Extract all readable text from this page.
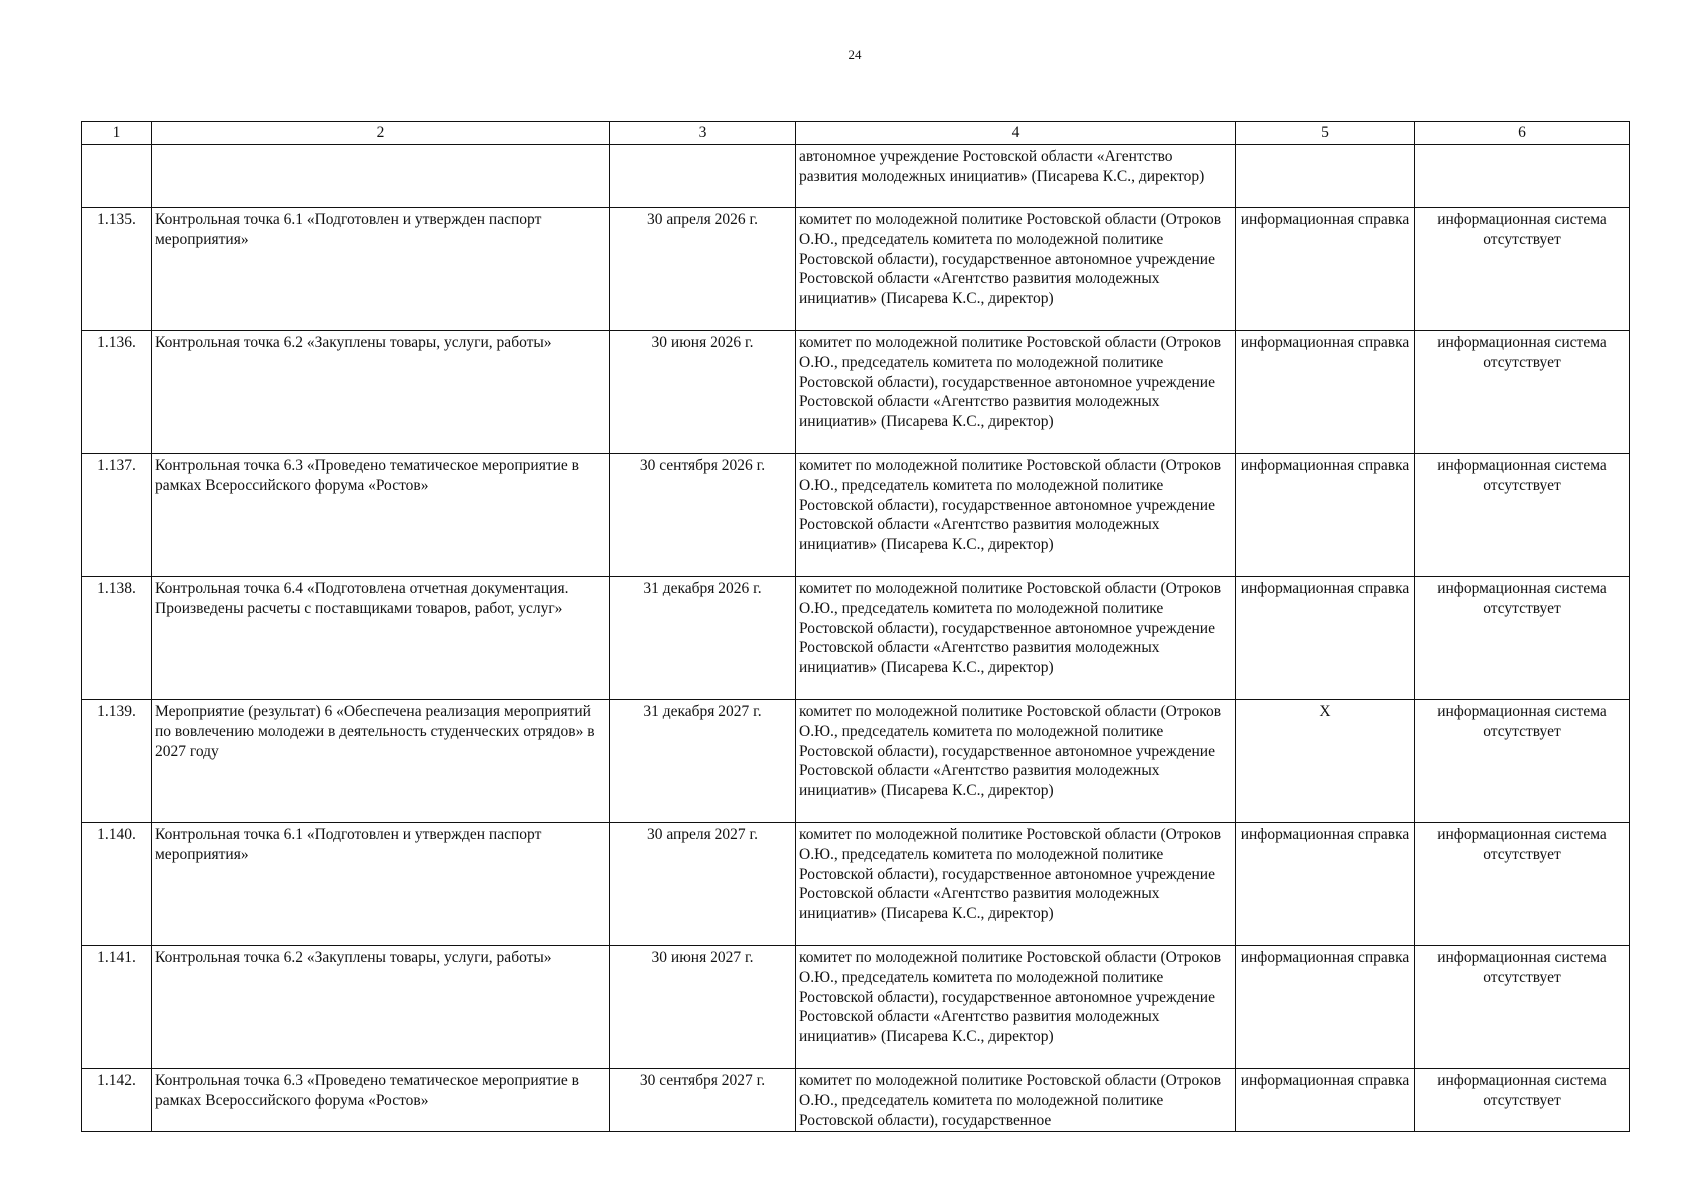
24
1	2	3	4	5	6
			автономное учреждение Ростовской области «Агентство развития молодежных инициатив» (Писарева К.С., директор)		
1.135.	Контрольная точка 6.1 «Подготовлен и утвержден паспорт мероприятия»	30 апреля 2026 г.	комитет по молодежной политике Ростовской области (Отроков О.Ю., председатель комитета по молодежной политике Ростовской области), государственное автономное учреждение Ростовской области «Агентство развития молодежных инициатив» (Писарева К.С., директор)	информационная справка	информационная система отсутствует
1.136.	Контрольная точка 6.2 «Закуплены товары, услуги, работы»	30 июня 2026 г.	комитет по молодежной политике Ростовской области (Отроков О.Ю., председатель комитета по молодежной политике Ростовской области), государственное автономное учреждение Ростовской области «Агентство развития молодежных инициатив» (Писарева К.С., директор)	информационная справка	информационная система отсутствует
1.137.	Контрольная точка 6.3 «Проведено тематическое мероприятие в рамках Всероссийского форума «Ростов»	30 сентября 2026 г.	комитет по молодежной политике Ростовской области (Отроков О.Ю., председатель комитета по молодежной политике Ростовской области), государственное автономное учреждение Ростовской области «Агентство развития молодежных инициатив» (Писарева К.С., директор)	информационная справка	информационная система отсутствует
1.138.	Контрольная точка 6.4 «Подготовлена отчетная документация. Произведены расчеты с поставщиками товаров, работ, услуг»	31 декабря 2026 г.	комитет по молодежной политике Ростовской области (Отроков О.Ю., председатель комитета по молодежной политике Ростовской области), государственное автономное учреждение Ростовской области «Агентство развития молодежных инициатив» (Писарева К.С., директор)	информационная справка	информационная система отсутствует
1.139.	Мероприятие (результат) 6 «Обеспечена реализация мероприятий по вовлечению молодежи в деятельность студенческих отрядов» в 2027 году	31 декабря 2027 г.	комитет по молодежной политике Ростовской области (Отроков О.Ю., председатель комитета по молодежной политике Ростовской области), государственное автономное учреждение Ростовской области «Агентство развития молодежных инициатив» (Писарева К.С., директор)	X	информационная система отсутствует
1.140.	Контрольная точка 6.1 «Подготовлен и утвержден паспорт мероприятия»	30 апреля 2027 г.	комитет по молодежной политике Ростовской области (Отроков О.Ю., председатель комитета по молодежной политике Ростовской области), государственное автономное учреждение Ростовской области «Агентство развития молодежных инициатив» (Писарева К.С., директор)	информационная справка	информационная система отсутствует
1.141.	Контрольная точка 6.2 «Закуплены товары, услуги, работы»	30 июня 2027 г.	комитет по молодежной политике Ростовской области (Отроков О.Ю., председатель комитета по молодежной политике Ростовской области), государственное автономное учреждение Ростовской области «Агентство развития молодежных инициатив» (Писарева К.С., директор)	информационная справка	информационная система отсутствует
1.142.	Контрольная точка 6.3 «Проведено тематическое мероприятие в рамках Всероссийского форума «Ростов»	30 сентября 2027 г.	комитет по молодежной политике Ростовской области (Отроков О.Ю., председатель комитета по молодежной политике Ростовской области), государственное	информационная справка	информационная система отсутствует
